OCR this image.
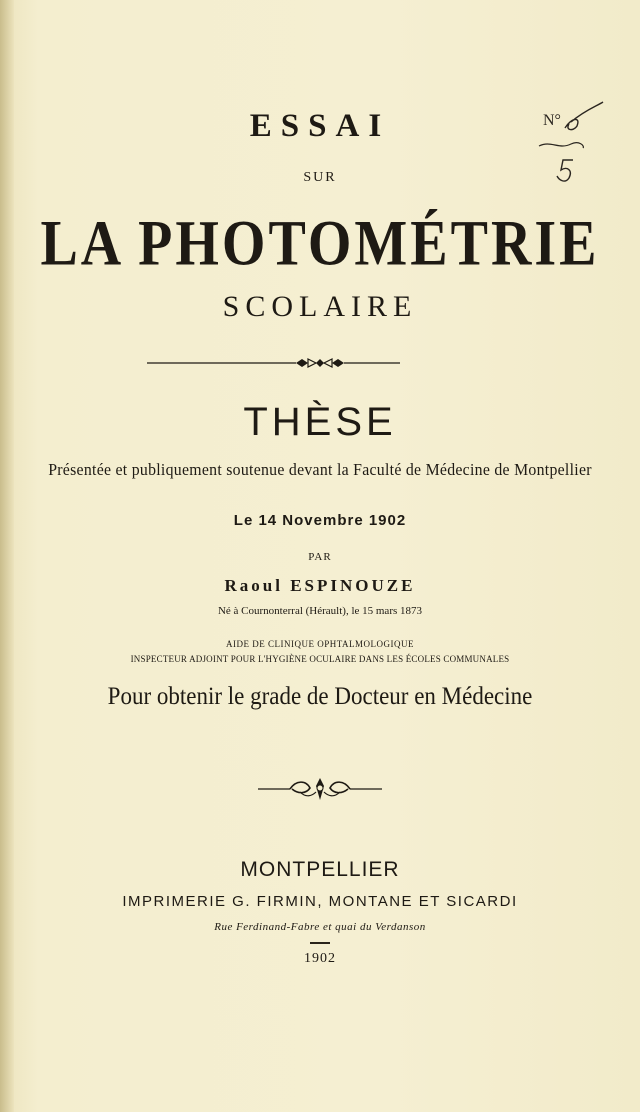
ESSAI
SUR
LA PHOTOMÉTRIE
SCOLAIRE
THÈSE
Présentée et publiquement soutenue devant la Faculté de Médecine de Montpellier
Le 14 Novembre 1902
PAR
Raoul ESPINOUZE
Né à Cournonterral (Hérault), le 15 mars 1873
AIDE DE CLINIQUE OPHTALMOLOGIQUE
INSPECTEUR ADJOINT POUR L'HYGIÈNE OCULAIRE DANS LES ÉCOLES COMMUNALES
Pour obtenir le grade de Docteur en Médecine
MONTPELLIER
IMPRIMERIE G. FIRMIN, MONTANE ET SICARDI
Rue Ferdinand-Fabre et quai du Verdanson
1902
N°
